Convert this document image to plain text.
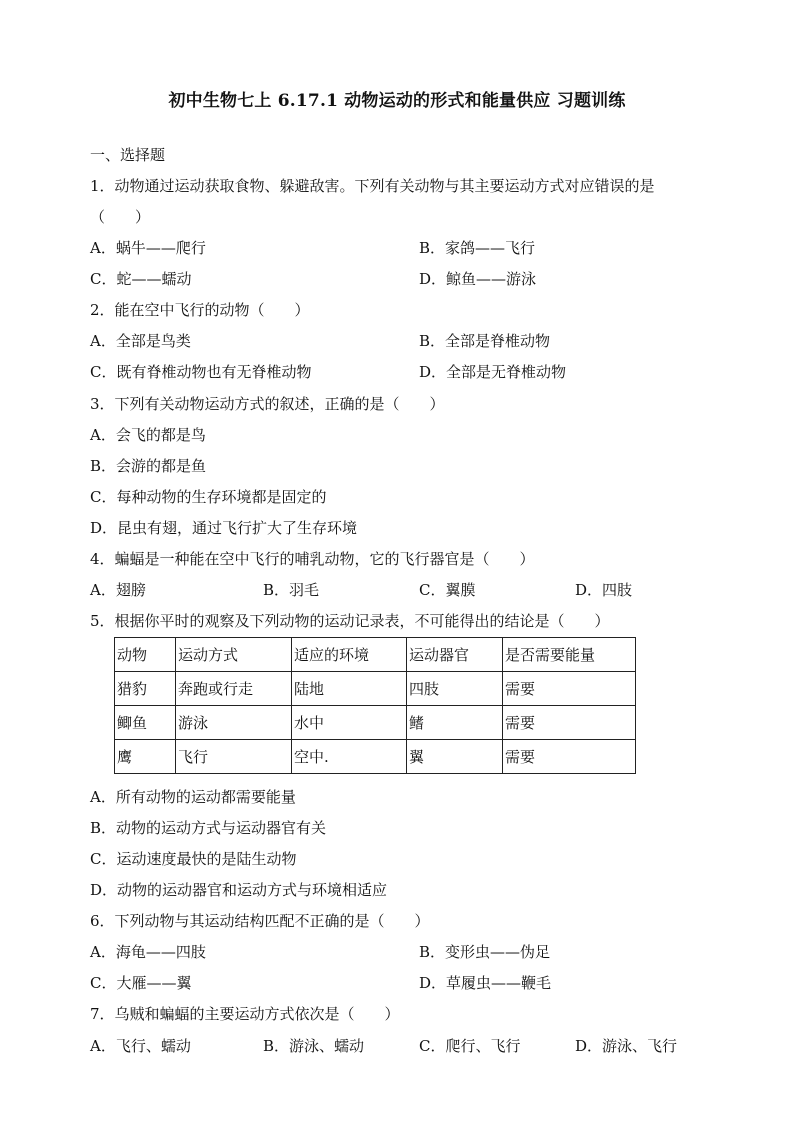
初中生物七上 6.17.1 动物运动的形式和能量供应 习题训练
一、选择题
1．动物通过运动获取食物、躲避敌害。下列有关动物与其主要运动方式对应错误的是
（　　）
A．蜗牛——爬行	B．家鸽——飞行
C．蛇——蠕动	D．鲸鱼——游泳
2．能在空中飞行的动物（　　）
A．全部是鸟类	B．全部是脊椎动物
C．既有脊椎动物也有无脊椎动物	D．全部是无脊椎动物
3．下列有关动物运动方式的叙述，正确的是（　　）
A．会飞的都是鸟
B．会游的都是鱼
C．每种动物的生存环境都是固定的
D．昆虫有翅，通过飞行扩大了生存环境
4．蝙蝠是一种能在空中飞行的哺乳动物，它的飞行器官是（　　）
A．翅膀	B．羽毛	C．翼膜	D．四肢
5．根据你平时的观察及下列动物的运动记录表，不可能得出的结论是（　　）
动物	运动方式	适应的环境	运动器官	是否需要能量
猎豹	奔跑或行走	陆地	四肢	需要
鲫鱼	游泳	水中	鳍	需要
鹰	飞行	空中.	翼	需要
A．所有动物的运动都需要能量
B．动物的运动方式与运动器官有关
C．运动速度最快的是陆生动物
D．动物的运动器官和运动方式与环境相适应
6．下列动物与其运动结构匹配不正确的是（　　）
A．海龟——四肢	B．变形虫——伪足
C．大雁——翼	D．草履虫——鞭毛
7．乌贼和蝙蝠的主要运动方式依次是（　　）
A．飞行、蠕动	B．游泳、蠕动	C．爬行、飞行	D．游泳、飞行
